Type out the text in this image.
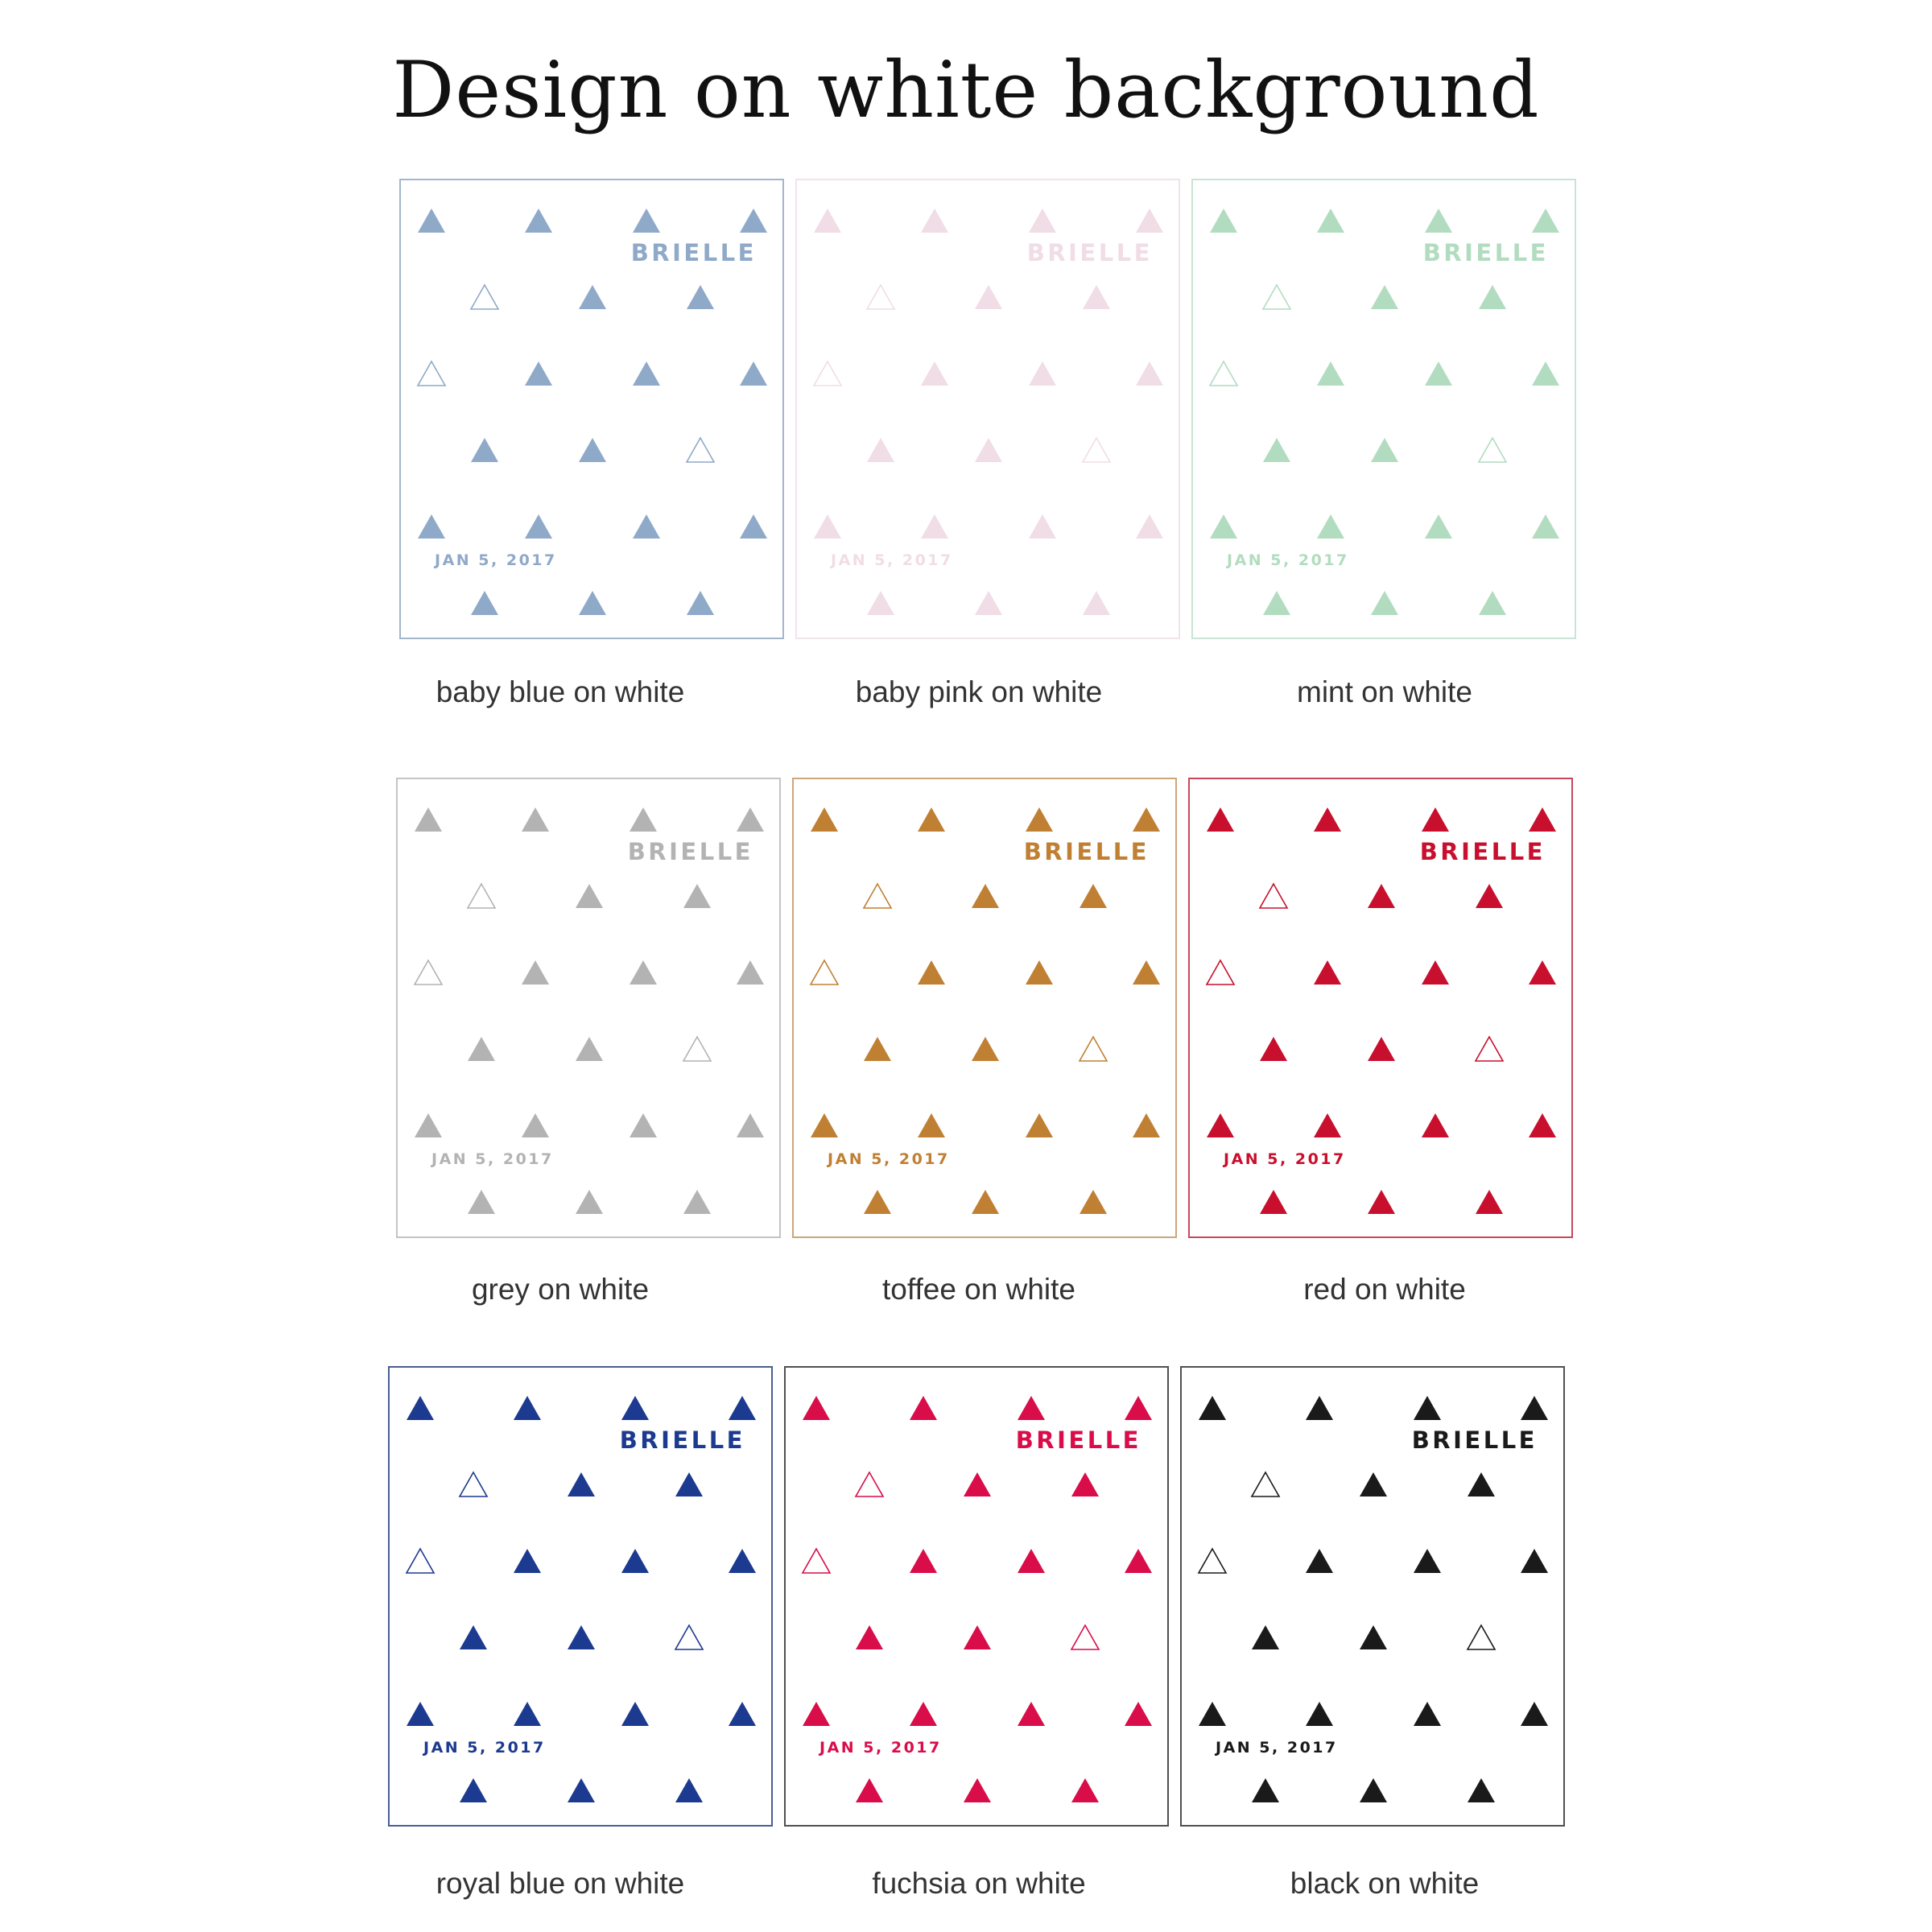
Design on white background
BRIELLE
JAN 5, 2017
baby blue on white
BRIELLE
JAN 5, 2017
baby pink on white
BRIELLE
JAN 5, 2017
mint on white
BRIELLE
JAN 5, 2017
grey on white
BRIELLE
JAN 5, 2017
toffee on white
BRIELLE
JAN 5, 2017
red on white
BRIELLE
JAN 5, 2017
royal blue on white
BRIELLE
JAN 5, 2017
fuchsia on white
BRIELLE
JAN 5, 2017
black on white
